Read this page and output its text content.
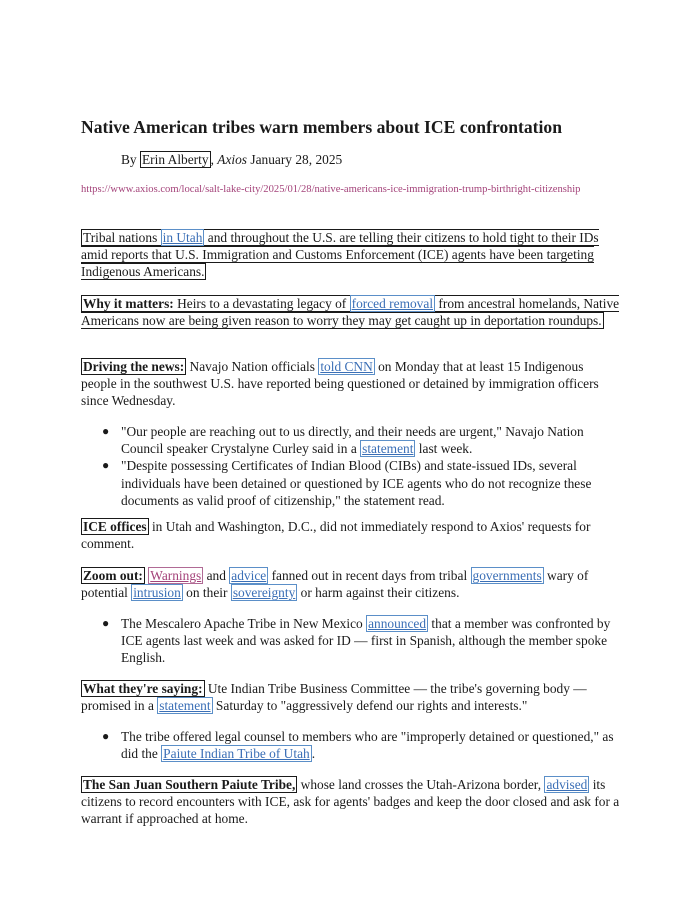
Native American tribes warn members about ICE confrontation
By Erin Alberty , Axios January 28, 2025
https://www.axios.com/local/salt-lake-city/2025/01/28/native-americans-ice-immigration-trump-birthright-citizenship

Tribal nations in Utah and throughout the U.S. are telling their citizens to hold tight to their IDs amid reports that U.S. Immigration and Customs Enforcement (ICE) agents have been targeting Indigenous Americans.

Why it matters: Heirs to a devastating legacy of forced removal from ancestral homelands, Native Americans now are being given reason to worry they may get caught up in deportation roundups.

Driving the news: Navajo Nation officials told CNN on Monday that at least 15 Indigenous people in the southwest U.S. have reported being questioned or detained by immigration officers since Wednesday.

● "Our people are reaching out to us directly, and their needs are urgent," Navajo Nation Council speaker Crystalyne Curley said in a statement last week.
● "Despite possessing Certificates of Indian Blood (CIBs) and state-issued IDs, several individuals have been detained or questioned by ICE agents who do not recognize these documents as valid proof of citizenship," the statement read.

ICE offices in Utah and Washington, D.C., did not immediately respond to Axios' requests for comment.

Zoom out: Warnings and advice fanned out in recent days from tribal governments wary of potential intrusion on their sovereignty or harm against their citizens.

● The Mescalero Apache Tribe in New Mexico announced that a member was confronted by ICE agents last week and was asked for ID — first in Spanish, although the member spoke English.

What they're saying: Ute Indian Tribe Business Committee — the tribe's governing body — promised in a statement Saturday to "aggressively defend our rights and interests."

● The tribe offered legal counsel to members who are "improperly detained or questioned," as did the Paiute Indian Tribe of Utah .

The San Juan Southern Paiute Tribe, whose land crosses the Utah-Arizona border, advised its citizens to record encounters with ICE, ask for agents' badges and keep the door closed and ask for a warrant if approached at home.
